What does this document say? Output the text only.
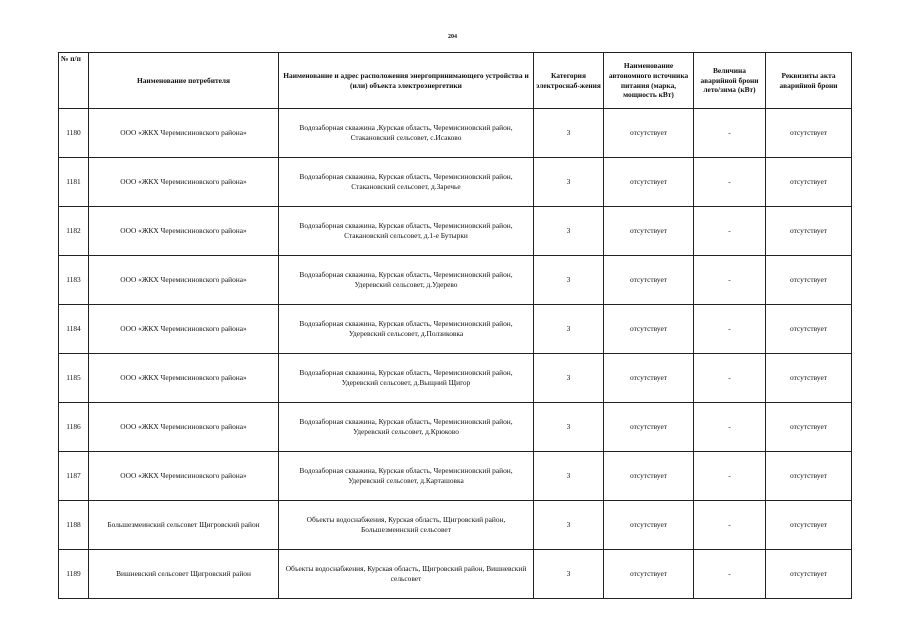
204
№ п/п	Наименование потребителя	Наименование и адрес расположения энергопринимающего устройства и (или) объекта электроэнергетики	Категория электроснаб-жения	Наименование автономного источника питания (марка, мощность кВт)	Величина аварийной брони лето/зима (кВт)	Реквизиты акта аварийной брони
1180	ООО «ЖКХ Черемисиновского района»	Водозаборная скважина ,Курская область, Черемисиновский район, Стакановский сельсовет, с.Исаково	3	отсутствует	-	отсутствует
1181	ООО «ЖКХ Черемисиновского района»	Водозаборная скважина, Курская область, Черемисиновский район, Стакановский сельсовет, д.Заречье	3	отсутствует	-	отсутствует
1182	ООО «ЖКХ Черемисиновского района»	Водозаборная скважина, Курская область, Черемисиновский район, Стакановский сельсовет, д.1-е Бутырки	3	отсутствует	-	отсутствует
1183	ООО «ЖКХ Черемисиновского района»	Водозаборная скважина, Курская область, Черемисиновский район, Удеревский сельсовет, д.Удерево	3	отсутствует	-	отсутствует
1184	ООО «ЖКХ Черемисиновского района»	Водозаборная скважина, Курская область, Черемисиновский район, Удеревский сельсовет, д.Ползиковка	3	отсутствует	-	отсутствует
1185	ООО «ЖКХ Черемисиновского района»	Водозаборная скважина, Курская область, Черемисиновский район, Удеревский сельсовет, д.Выщний Щигор	3	отсутствует	-	отсутствует
1186	ООО «ЖКХ Черемисиновского района»	Водозаборная скважина, Курская область, Черемисиновский район, Удеревский сельсовет, д.Крюково	3	отсутствует	-	отсутствует
1187	ООО «ЖКХ Черемисиновского района»	Водозаборная скважина, Курская область, Черемисиновский район, Удеревский сельсовет, д.Карташовка	3	отсутствует	-	отсутствует
1188	Большезмеинский сельсовет Щигровский район	Объекты водоснабжения, Курская область, Щигровский район, Большезмеинский сельсовет	3	отсутствует	-	отсутствует
1189	Вишневский сельсовет Щигровский район	Объекты водоснабжения, Курская область, Щигровский район, Вишневский сельсовет	3	отсутствует	-	отсутствует
